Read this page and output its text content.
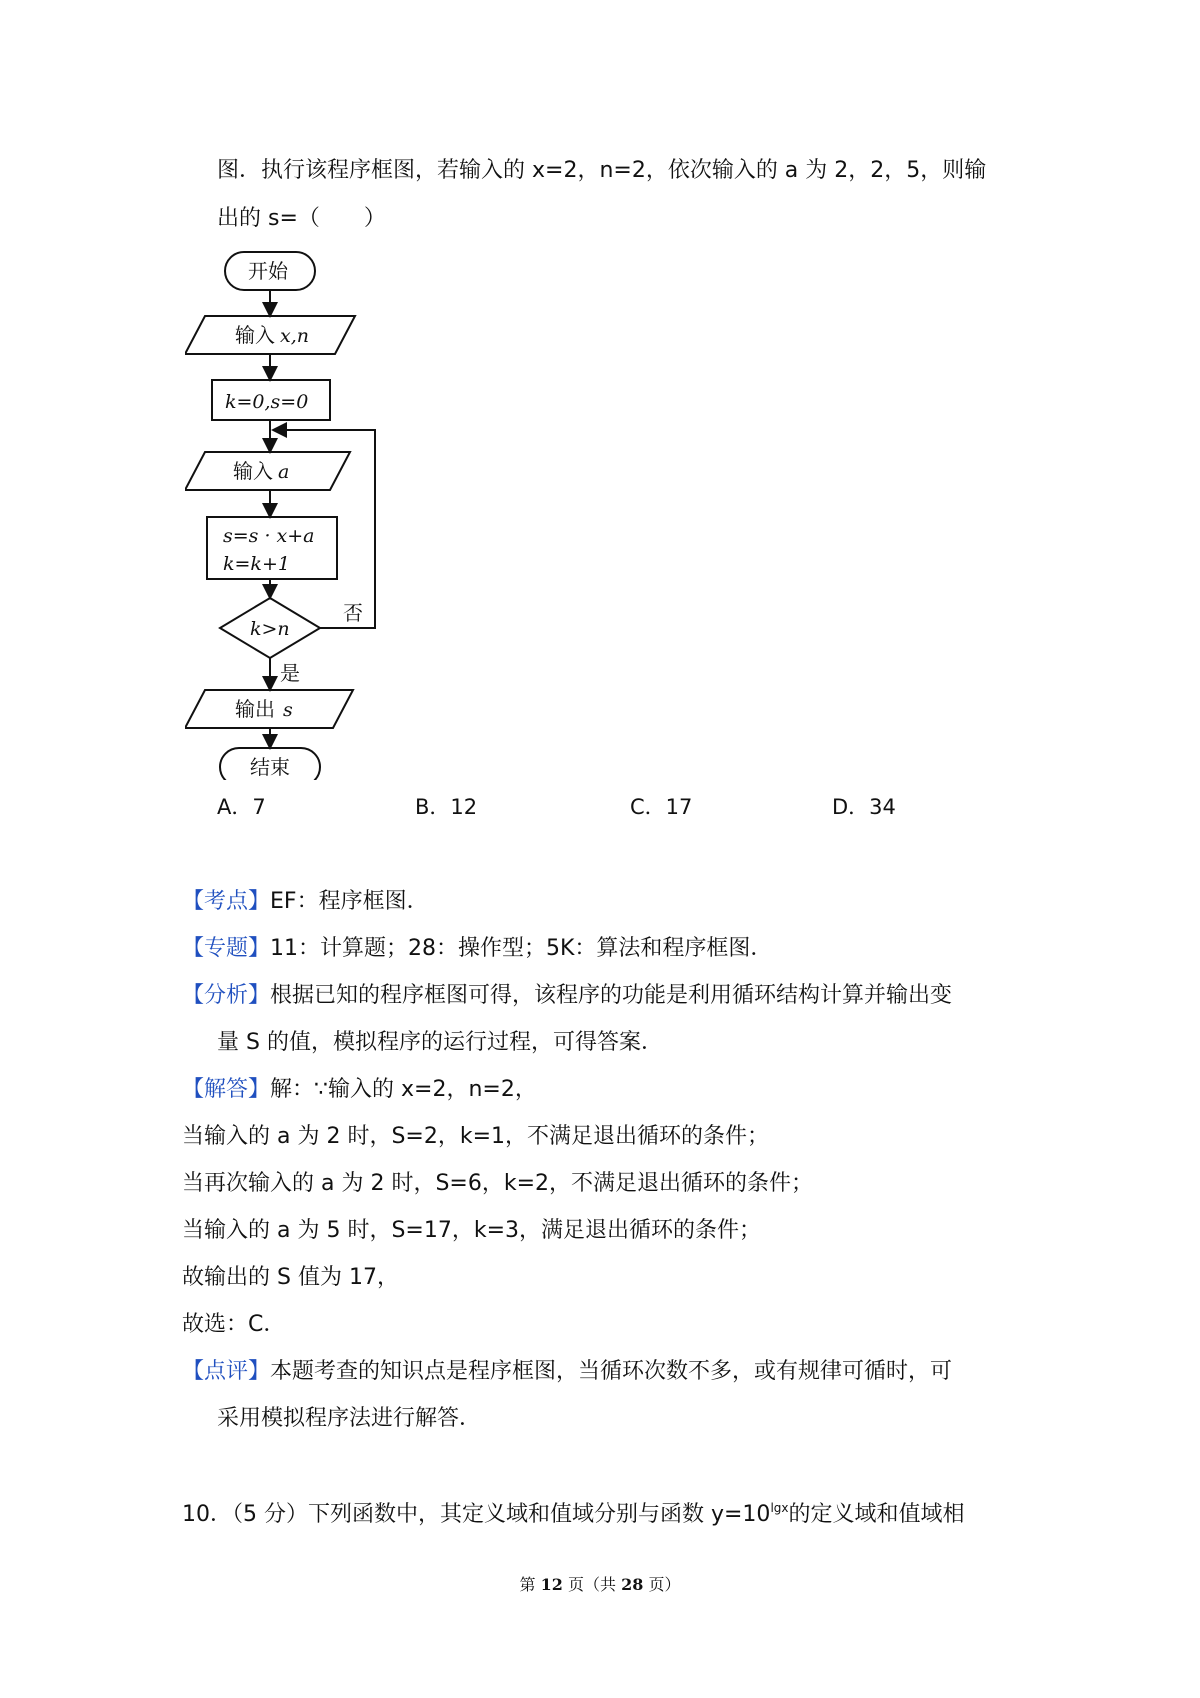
图．执行该程序框图，若输入的 x=2，n=2，依次输入的 a 为 2，2，5，则输
出的 s=（　　）
开始
输入 x,n
k=0,s=0
输入 a
s=s · x+a
k=k+1
k>n
否
是
输出 s
结束
A．7	B．12	C．17	D．34
【考点】EF：程序框图．
【专题】11：计算题；28：操作型；5K：算法和程序框图．
【分析】根据已知的程序框图可得，该程序的功能是利用循环结构计算并输出变
量 S 的值，模拟程序的运行过程，可得答案．
【解答】解：∵输入的 x=2，n=2，
当输入的 a 为 2 时，S=2，k=1，不满足退出循环的条件；
当再次输入的 a 为 2 时，S=6，k=2，不满足退出循环的条件；
当输入的 a 为 5 时，S=17，k=3，满足退出循环的条件；
故输出的 S 值为 17，
故选：C．
【点评】本题考查的知识点是程序框图，当循环次数不多，或有规律可循时，可
采用模拟程序法进行解答．
10．（5 分）下列函数中，其定义域和值域分别与函数 $y=10^{lgx}$的定义域和值域相
第 12 页（共 28 页）
